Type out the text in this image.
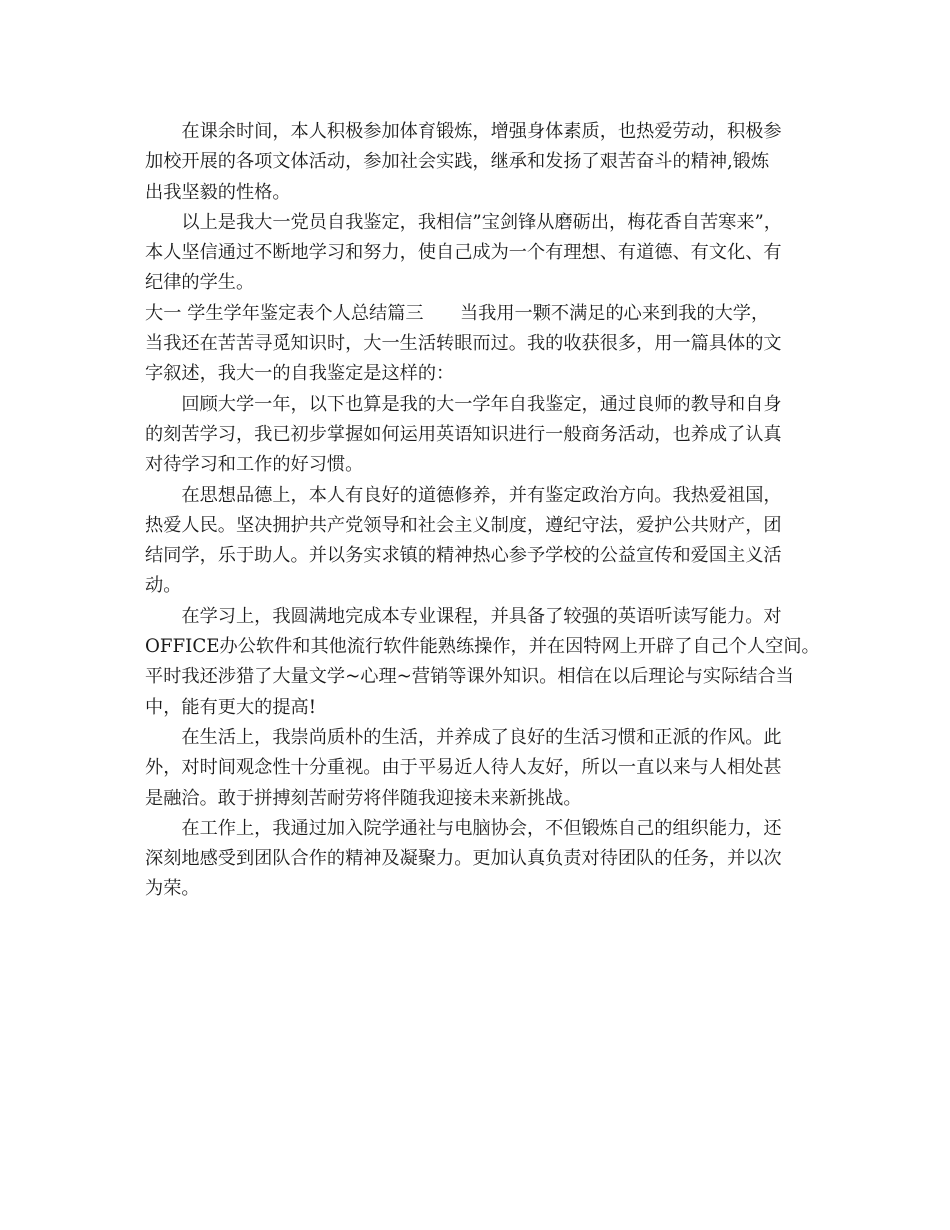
在课余时间，本人积极参加体育锻炼，增强身体素质，也热爱劳动，积极参
加校开展的各项文体活动，参加社会实践，继承和发扬了艰苦奋斗的精神,锻炼
出我坚毅的性格。

以上是我大一党员自我鉴定，我相信”宝剑锋从磨砺出，梅花香自苦寒来”，
本人坚信通过不断地学习和努力，使自己成为一个有理想、有道德、有文化、有
纪律的学生。

大一 学生学年鉴定表个人总结篇三　　当我用一颗不满足的心来到我的大学，
当我还在苦苦寻觅知识时，大一生活转眼而过。我的收获很多，用一篇具体的文
字叙述，我大一的自我鉴定是这样的：

回顾大学一年，以下也算是我的大一学年自我鉴定，通过良师的教导和自身
的刻苦学习，我已初步掌握如何运用英语知识进行一般商务活动，也养成了认真
对待学习和工作的好习惯。

在思想品德上，本人有良好的道德修养，并有鉴定政治方向。我热爱祖国，
热爱人民。坚决拥护共产党领导和社会主义制度，遵纪守法，爱护公共财产，团
结同学，乐于助人。并以务实求镇的精神热心参予学校的公益宣传和爱国主义活
动。

在学习上，我圆满地完成本专业课程，并具备了较强的英语听读写能力。对
OFFICE办公软件和其他流行软件能熟练操作，并在因特网上开辟了自己个人空间。
平时我还涉猎了大量文学~心理~营销等课外知识。相信在以后理论与实际结合当
中，能有更大的提高!

在生活上，我崇尚质朴的生活，并养成了良好的生活习惯和正派的作风。此
外，对时间观念性十分重视。由于平易近人待人友好，所以一直以来与人相处甚
是融洽。敢于拼搏刻苦耐劳将伴随我迎接未来新挑战。

在工作上，我通过加入院学通社与电脑协会，不但锻炼自己的组织能力，还
深刻地感受到团队合作的精神及凝聚力。更加认真负责对待团队的任务，并以次
为荣。
